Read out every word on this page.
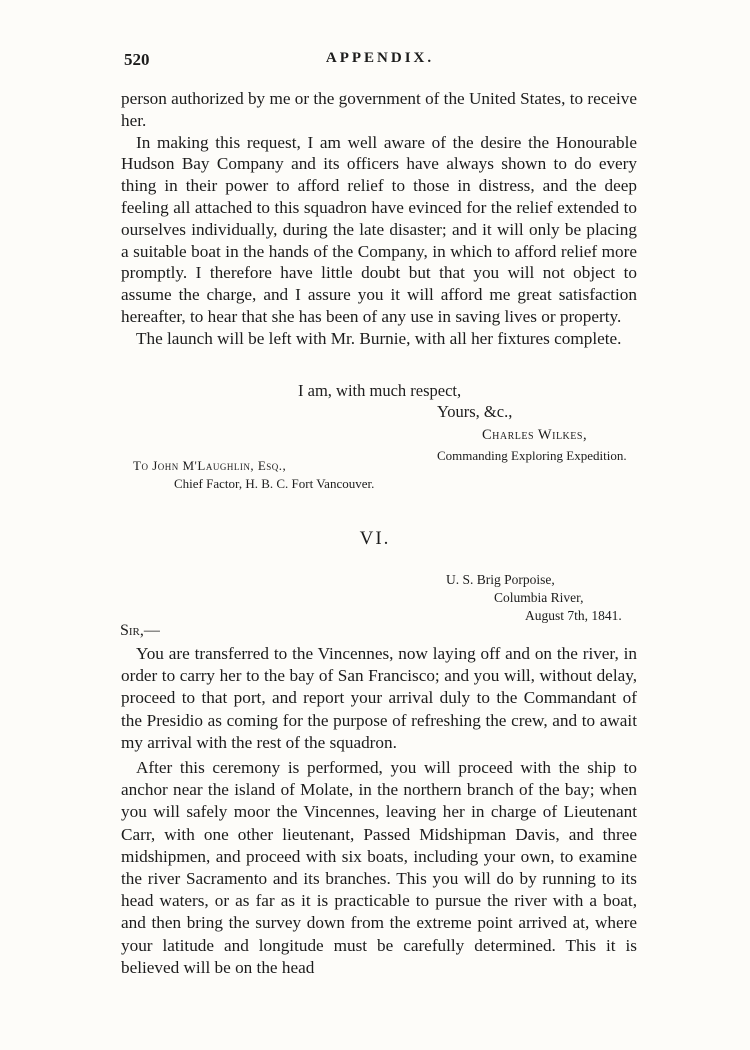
520	APPENDIX.

person authorized by me or the government of the United States, to receive her.

In making this request, I am well aware of the desire the Honourable Hudson Bay Company and its officers have always shown to do every thing in their power to afford relief to those in distress, and the deep feeling all attached to this squadron have evinced for the relief extended to ourselves individually, during the late disaster; and it will only be placing a suitable boat in the hands of the Company, in which to afford relief more promptly. I therefore have little doubt but that you will not object to assume the charge, and I assure you it will afford me great satisfaction hereafter, to hear that she has been of any use in saving lives or property.

The launch will be left with Mr. Burnie, with all her fixtures complete.

I am, with much respect,
Yours, &c.,
Charles Wilkes,
Commanding Exploring Expedition.
To John M'Laughlin, Esq.,
Chief Factor, H. B. C. Fort Vancouver.
VI.
U. S. Brig Porpoise,
Columbia River,
August 7th, 1841.
Sir,—

You are transferred to the Vincennes, now laying off and on the river, in order to carry her to the bay of San Francisco; and you will, without delay, proceed to that port, and report your arrival duly to the Commandant of the Presidio as coming for the purpose of refreshing the crew, and to await my arrival with the rest of the squadron.

After this ceremony is performed, you will proceed with the ship to anchor near the island of Molate, in the northern branch of the bay; when you will safely moor the Vincennes, leaving her in charge of Lieutenant Carr, with one other lieutenant, Passed Midshipman Davis, and three midshipmen, and proceed with six boats, including your own, to examine the river Sacramento and its branches. This you will do by running to its head waters, or as far as it is practicable to pursue the river with a boat, and then bring the survey down from the extreme point arrived at, where your latitude and longitude must be carefully determined. This it is believed will be on the head
